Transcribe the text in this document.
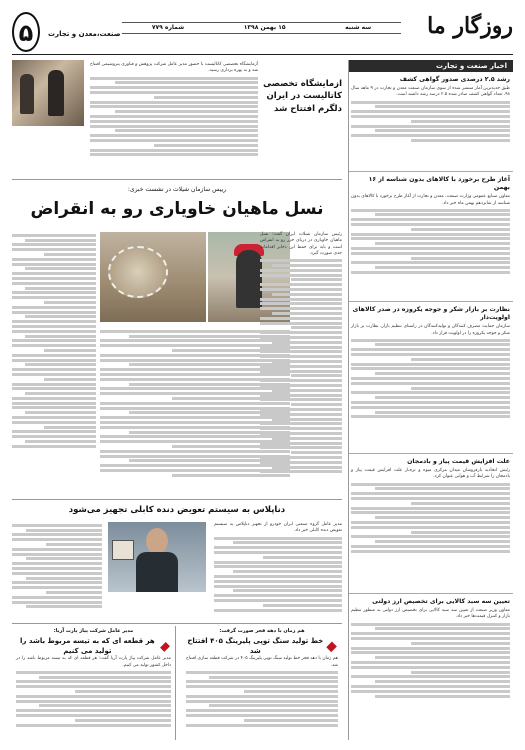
روزگار ما
سه شنبه
۱۵ بهمن ۱۳۹۸
شماره ۷۷۹
صنعت،معدن و تجارت
۵
اخبار صنعت و تجارت
رشد ۲.۵ درصدی صدور گواهی کشف

طبق جدیدترین آمار منتشر شده از سوی سازمان صنعت معدن و تجارت در ۹ ماهه سال ۹۸، تعداد گواهی کشف صادر شده ۲.۵ درصد رشد داشته است.

آغاز طرح برخورد با کالاهای بدون شناسه از ۱۶ بهمن

معاون صنایع عمومی وزارت صنعت، معدن و تجارت از آغاز طرح برخورد با کالاهای بدون شناسه از شانزدهم بهمن ماه خبر داد.

نظارت بر بازار شکر و جوجه یکروزه در صدر کالاهای اولویت‌دار

سازمان حمایت مصرف کنندگان و تولیدکنندگان در راستای تنظیم بازار، نظارت بر بازار شکر و جوجه یکروزه را در اولویت قرار داد.

علت افزایش قیمت پیاز و بادمجان

رئیس اتحادیه بارفروشان میدان مرکزی میوه و تره‌بار علت افزایش قیمت پیاز و بادمجان را شرایط آب و هوایی عنوان کرد.

تعیین سه سبد کالایی برای تخصیص ارز دولتی

معاون وزیر صنعت از تعیین سه سبد کالایی برای تخصیص ارز دولتی به منظور تنظیم بازار و کنترل قیمت‌ها خبر داد.

ازمایشگاه تخصصی کاتالیست در ایران دلگرم افتتاح شد

آزمایشگاه تخصصی کاتالیست با حضور مدیر عامل شرکت پژوهش و فناوری پتروشیمی افتتاح شد و به بهره برداری رسید.

رییس سازمان شیلات در نشست خبری:
نسل ماهیان خاویاری رو به انقراض

رئیس سازمان شیلات ایران گفت: نسل ماهیان خاویاری در دریای خزر رو به انقراض است و باید برای حفظ این ذخایر اقدامات جدی صورت گیرد.

دناپلاس به سیستم تعویض دنده کابلی تجهیز می‌شود

مدیر عامل گروه صنعتی ایران خودرو از تجهیز دناپلاس به سیستم تعویض دنده کابلی خبر داد.

هم زمان با دهه فجر صورت گرفت:
خط تولید سنگ توپی پلیرینگ ۴۰۵ افتتاح شد

هم زمان با دهه فجر خط تولید سنگ توپی پلیرینگ ۴۰۵ در شرکت قطعه سازی افتتاح شد.

مدیر عامل شرکت پیاژ پارت آریا:
هر قطعه ای که به تیسه مربوط باشد را تولید می کنیم

مدیر عامل شرکت پیاژ پارت آریا گفت: هر قطعه ای که به تیسه مربوط باشد را در داخل کشور تولید می کنیم.
